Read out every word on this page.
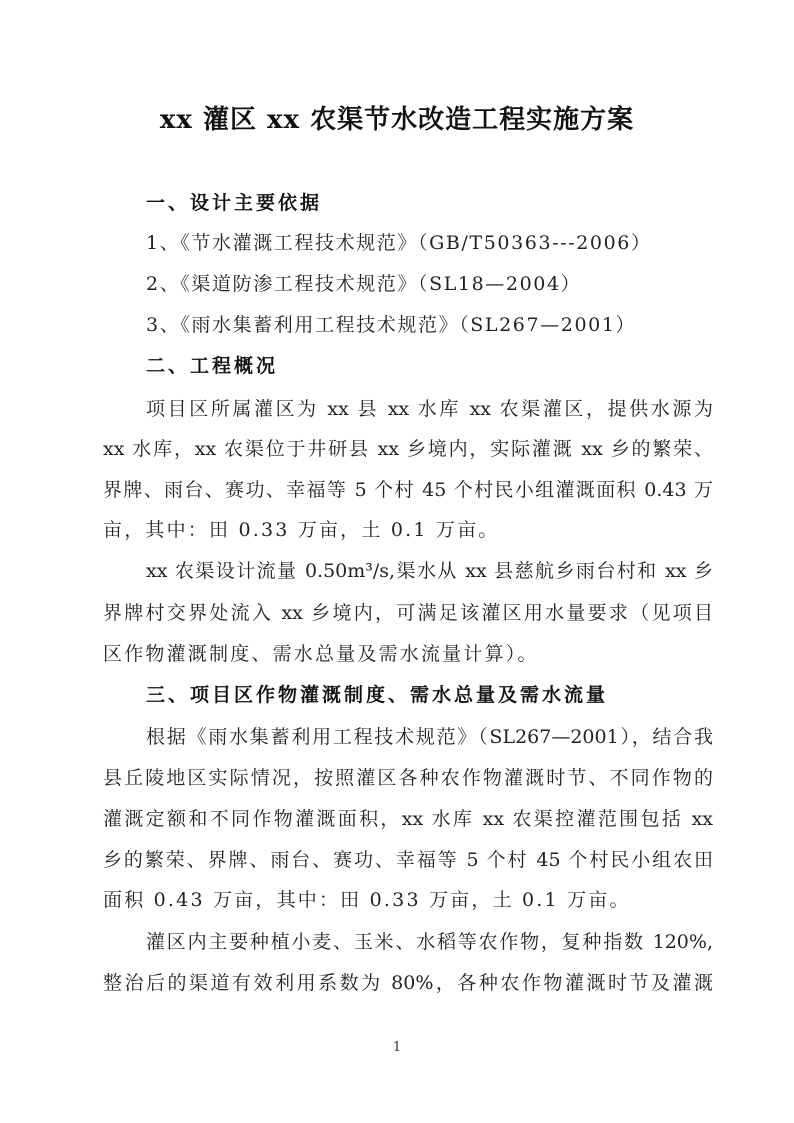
xx 灌区 xx 农渠节水改造工程实施方案
一、设计主要依据
1、《节水灌溉工程技术规范》（GB/T50363---2006）
2、《渠道防渗工程技术规范》（SL18—2004）
3、《雨水集蓄利用工程技术规范》（SL267—2001）
二、工程概况
项目区所属灌区为 xx 县 xx 水库 xx 农渠灌区，提供水源为
xx 水库，xx 农渠位于井研县 xx 乡境内，实际灌溉 xx 乡的繁荣、
界牌、雨台、赛功、幸福等 5 个村 45 个村民小组灌溉面积 0.43 万
亩，其中：田 0.33 万亩，土 0.1 万亩。
xx 农渠设计流量 0.50m³/s,渠水从 xx 县慈航乡雨台村和 xx 乡
界牌村交界处流入 xx 乡境内，可满足该灌区用水量要求（见项目
区作物灌溉制度、需水总量及需水流量计算）。
三、项目区作物灌溉制度、需水总量及需水流量
根据《雨水集蓄利用工程技术规范》（SL267—2001），结合我
县丘陵地区实际情况，按照灌区各种农作物灌溉时节、不同作物的
灌溉定额和不同作物灌溉面积，xx 水库 xx 农渠控灌范围包括 xx
乡的繁荣、界牌、雨台、赛功、幸福等 5 个村 45 个村民小组农田
面积 0.43 万亩，其中：田 0.33 万亩，土 0.1 万亩。
灌区内主要种植小麦、玉米、水稻等农作物，复种指数 120%,
整治后的渠道有效利用系数为 80%，各种农作物灌溉时节及灌溉
1
